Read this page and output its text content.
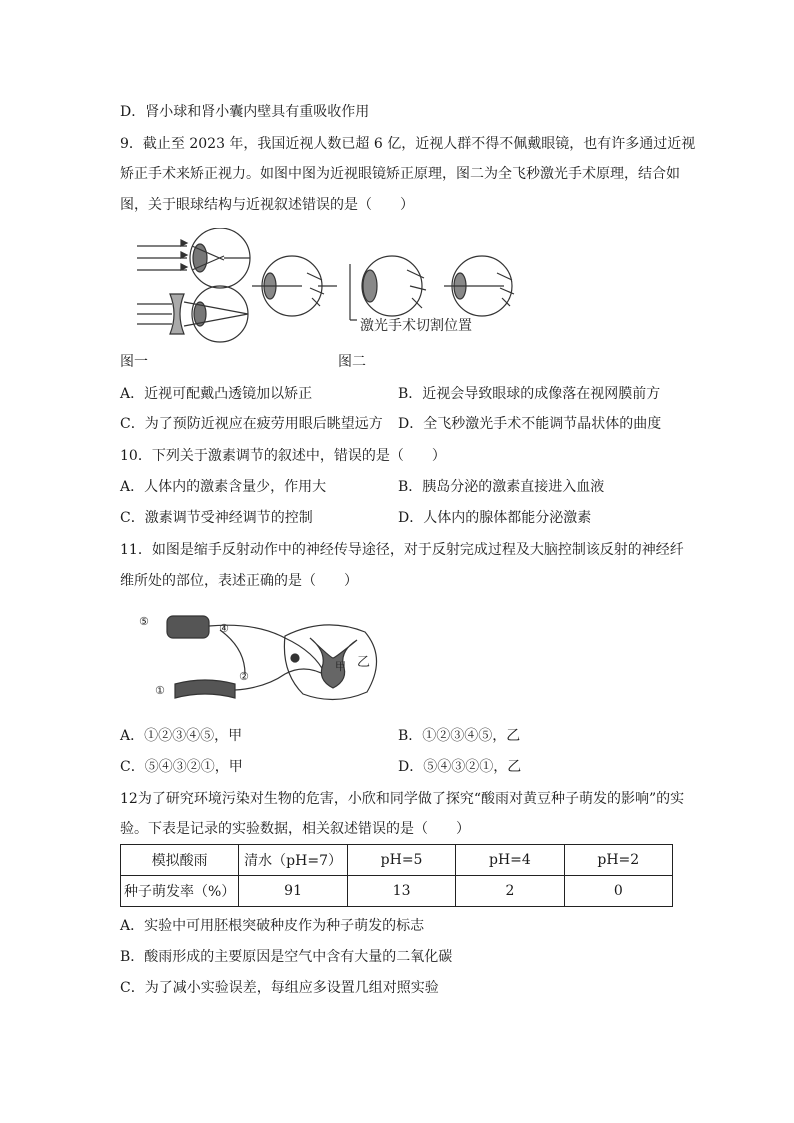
D．肾小球和肾小囊内壁具有重吸收作用
9．截止至 2023 年，我国近视人数已超 6 亿，近视人群不得不佩戴眼镜，也有许多通过近视
矫正手术来矫正视力。如图中图为近视眼镜矫正原理，图二为全飞秒激光手术原理，结合如
图，关于眼球结构与近视叙述错误的是（　　）
激光手术切割位置
图一	图二
A．近视可配戴凸透镜加以矫正	B．近视会导致眼球的成像落在视网膜前方
C．为了预防近视应在疲劳用眼后眺望远方 D．全飞秒激光手术不能调节晶状体的曲度
10．下列关于激素调节的叙述中，错误的是（　　）
A．人体内的激素含量少，作用大	B．胰岛分泌的激素直接进入血液
C．激素调节受神经调节的控制	D．人体内的腺体都能分泌激素
11．如图是缩手反射动作中的神经传导途径，对于反射完成过程及大脑控制该反射的神经纤
维所处的部位，表述正确的是（　　）
⑤
④
②
①
甲 乙
A．①②③④⑤，甲	B．①②③④⑤，乙
C．⑤④③②①，甲	D．⑤④③②①，乙
12为了研究环境污染对生物的危害，小欣和同学做了探究“酸雨对黄豆种子萌发的影响”的实
验。下表是记录的实验数据，相关叙述错误的是（　　）
模拟酸雨	清水（pH=7）	pH=5	pH=4	pH=2
种子萌发率（%）	91	13	2	0
A．实验中可用胚根突破种皮作为种子萌发的标志
B．酸雨形成的主要原因是空气中含有大量的二氧化碳
C．为了减小实验误差，每组应多设置几组对照实验
